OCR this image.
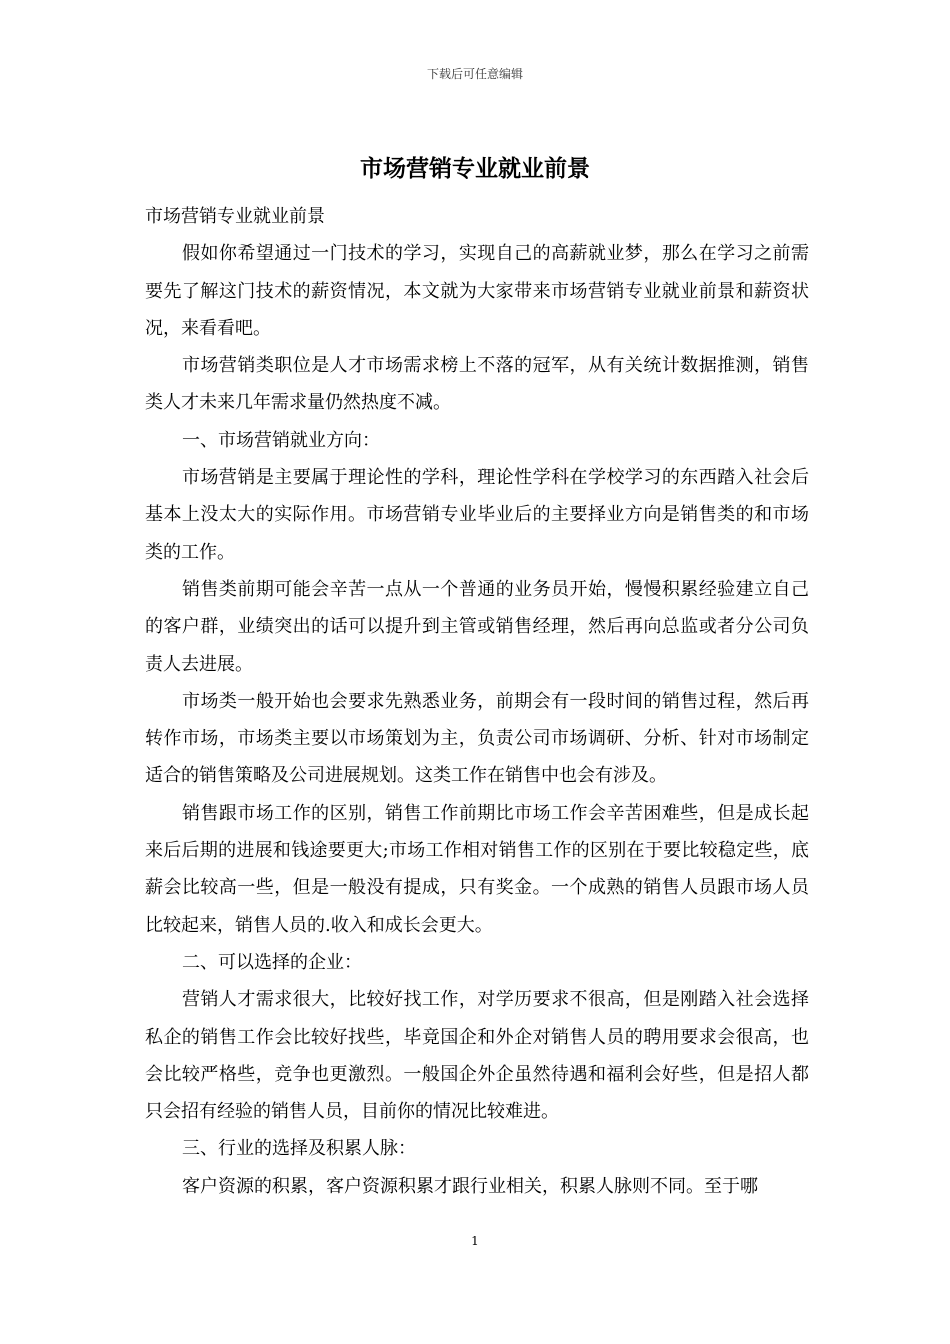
下载后可任意编辑
市场营销专业就业前景

市场营销专业就业前景

假如你希望通过一门技术的学习，实现自己的高薪就业梦，那么在学习之前需要先了解这门技术的薪资情况，本文就为大家带来市场营销专业就业前景和薪资状况，来看看吧。

市场营销类职位是人才市场需求榜上不落的冠军，从有关统计数据推测，销售类人才未来几年需求量仍然热度不减。

一、市场营销就业方向：

市场营销是主要属于理论性的学科，理论性学科在学校学习的东西踏入社会后基本上没太大的实际作用。市场营销专业毕业后的主要择业方向是销售类的和市场类的工作。

销售类前期可能会辛苦一点从一个普通的业务员开始，慢慢积累经验建立自己的客户群，业绩突出的话可以提升到主管或销售经理，然后再向总监或者分公司负责人去进展。

市场类一般开始也会要求先熟悉业务，前期会有一段时间的销售过程，然后再转作市场，市场类主要以市场策划为主，负责公司市场调研、分析、针对市场制定适合的销售策略及公司进展规划。这类工作在销售中也会有涉及。

销售跟市场工作的区别，销售工作前期比市场工作会辛苦困难些，但是成长起来后后期的进展和钱途要更大;市场工作相对销售工作的区别在于要比较稳定些，底薪会比较高一些，但是一般没有提成，只有奖金。一个成熟的销售人员跟市场人员比较起来，销售人员的.收入和成长会更大。

二、可以选择的企业：

营销人才需求很大，比较好找工作，对学历要求不很高，但是刚踏入社会选择私企的销售工作会比较好找些，毕竟国企和外企对销售人员的聘用要求会很高，也会比较严格些，竞争也更激烈。一般国企外企虽然待遇和福利会好些，但是招人都只会招有经验的销售人员，目前你的情况比较难进。

三、行业的选择及积累人脉：

客户资源的积累，客户资源积累才跟行业相关，积累人脉则不同。至于哪

1
